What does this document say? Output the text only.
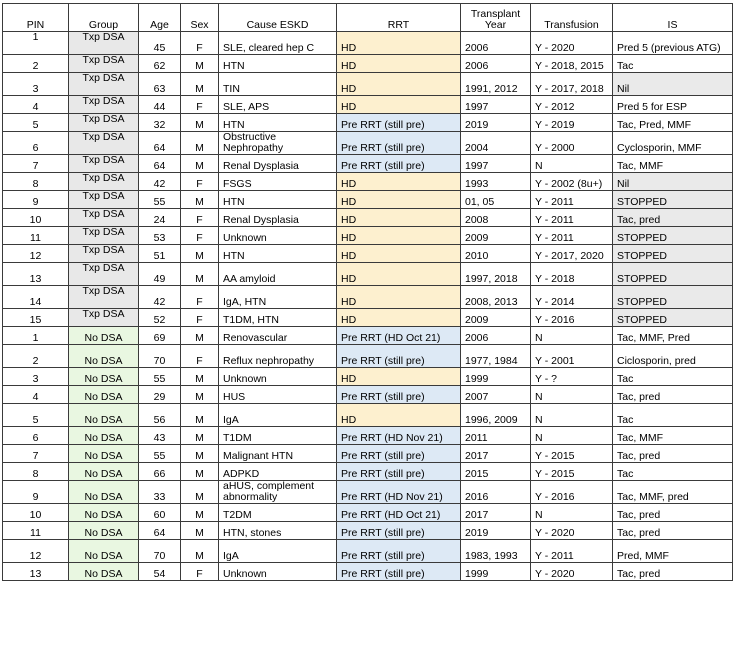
PIN	Group	Age	Sex	Cause ESKD	RRT	Transplant Year	Transfusion	IS
1	Txp DSA	45	F	SLE, cleared hep C	HD	2006	Y - 2020	Pred 5 (previous ATG)
2	Txp DSA	62	M	HTN	HD	2006	Y - 2018, 2015	Tac
3	Txp DSA	63	M	TIN	HD	1991, 2012	Y - 2017, 2018	Nil
4	Txp DSA	44	F	SLE, APS	HD	1997	Y - 2012	Pred 5 for ESP
5	Txp DSA	32	M	HTN	Pre RRT (still pre)	2019	Y - 2019	Tac, Pred, MMF
6	Txp DSA	64	M	Obstructive Nephropathy	Pre RRT (still pre)	2004	Y - 2000	Cyclosporin, MMF
7	Txp DSA	64	M	Renal Dysplasia	Pre RRT (still pre)	1997	N	Tac, MMF
8	Txp DSA	42	F	FSGS	HD	1993	Y - 2002 (8u+)	Nil
9	Txp DSA	55	M	HTN	HD	01, 05	Y - 2011	STOPPED
10	Txp DSA	24	F	Renal Dysplasia	HD	2008	Y - 2011	Tac, pred
11	Txp DSA	53	F	Unknown	HD	2009	Y - 2011	STOPPED
12	Txp DSA	51	M	HTN	HD	2010	Y - 2017, 2020	STOPPED
13	Txp DSA	49	M	AA amyloid	HD	1997, 2018	Y - 2018	STOPPED
14	Txp DSA	42	F	IgA, HTN	HD	2008, 2013	Y - 2014	STOPPED
15	Txp DSA	52	F	T1DM, HTN	HD	2009	Y - 2016	STOPPED
1	No DSA	69	M	Renovascular	Pre RRT (HD Oct 21)	2006	N	Tac, MMF, Pred
2	No DSA	70	F	Reflux nephropathy	Pre RRT (still pre)	1977, 1984	Y - 2001	Ciclosporin, pred
3	No DSA	55	M	Unknown	HD	1999	Y - ?	Tac
4	No DSA	29	M	HUS	Pre RRT (still pre)	2007	N	Tac, pred
5	No DSA	56	M	IgA	HD	1996, 2009	N	Tac
6	No DSA	43	M	T1DM	Pre RRT (HD Nov 21)	2011	N	Tac, MMF
7	No DSA	55	M	Malignant HTN	Pre RRT (still pre)	2017	Y - 2015	Tac, pred
8	No DSA	66	M	ADPKD	Pre RRT (still pre)	2015	Y - 2015	Tac
9	No DSA	33	M	aHUS, complement abnormality	Pre RRT (HD Nov 21)	2016	Y - 2016	Tac, MMF, pred
10	No DSA	60	M	T2DM	Pre RRT (HD Oct 21)	2017	N	Tac, pred
11	No DSA	64	M	HTN, stones	Pre RRT (still pre)	2019	Y - 2020	Tac, pred
12	No DSA	70	M	IgA	Pre RRT (still pre)	1983, 1993	Y - 2011	Pred, MMF
13	No DSA	54	F	Unknown	Pre RRT (still pre)	1999	Y - 2020	Tac, pred
